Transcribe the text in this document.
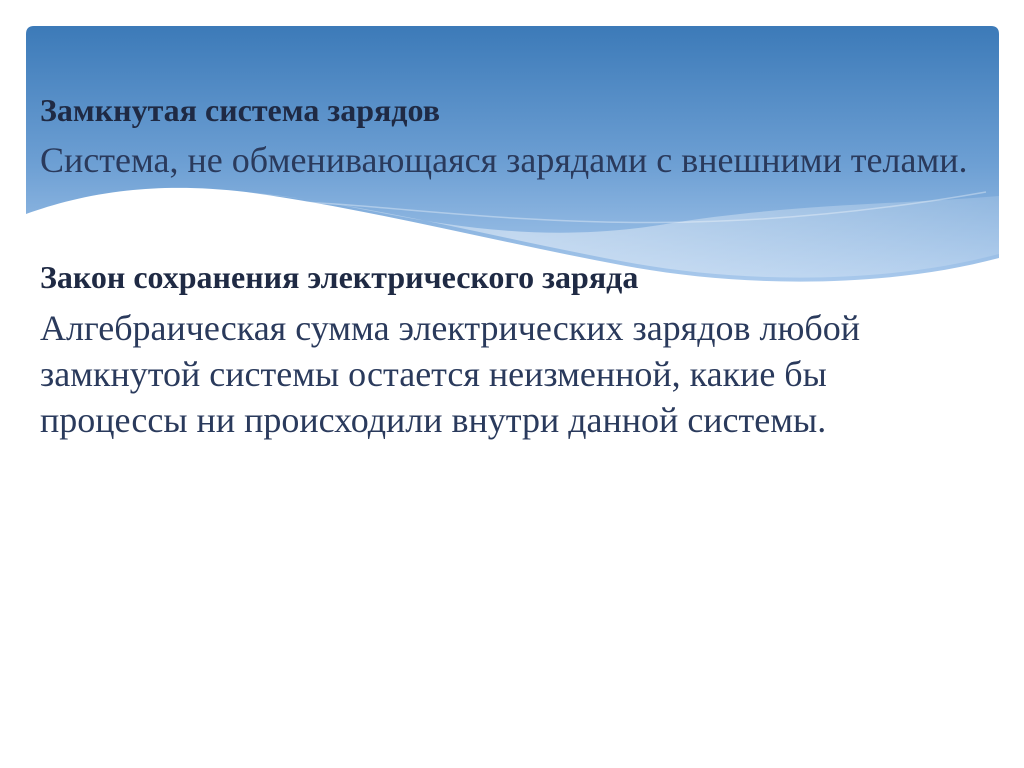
Замкнутая система зарядов

Система, не обменивающаяся зарядами с внешними телами.

Закон сохранения электрического заряда

Алгебраическая сумма электрических зарядов любой замкнутой системы остается неизменной, какие бы процессы ни происходили внутри данной системы.
